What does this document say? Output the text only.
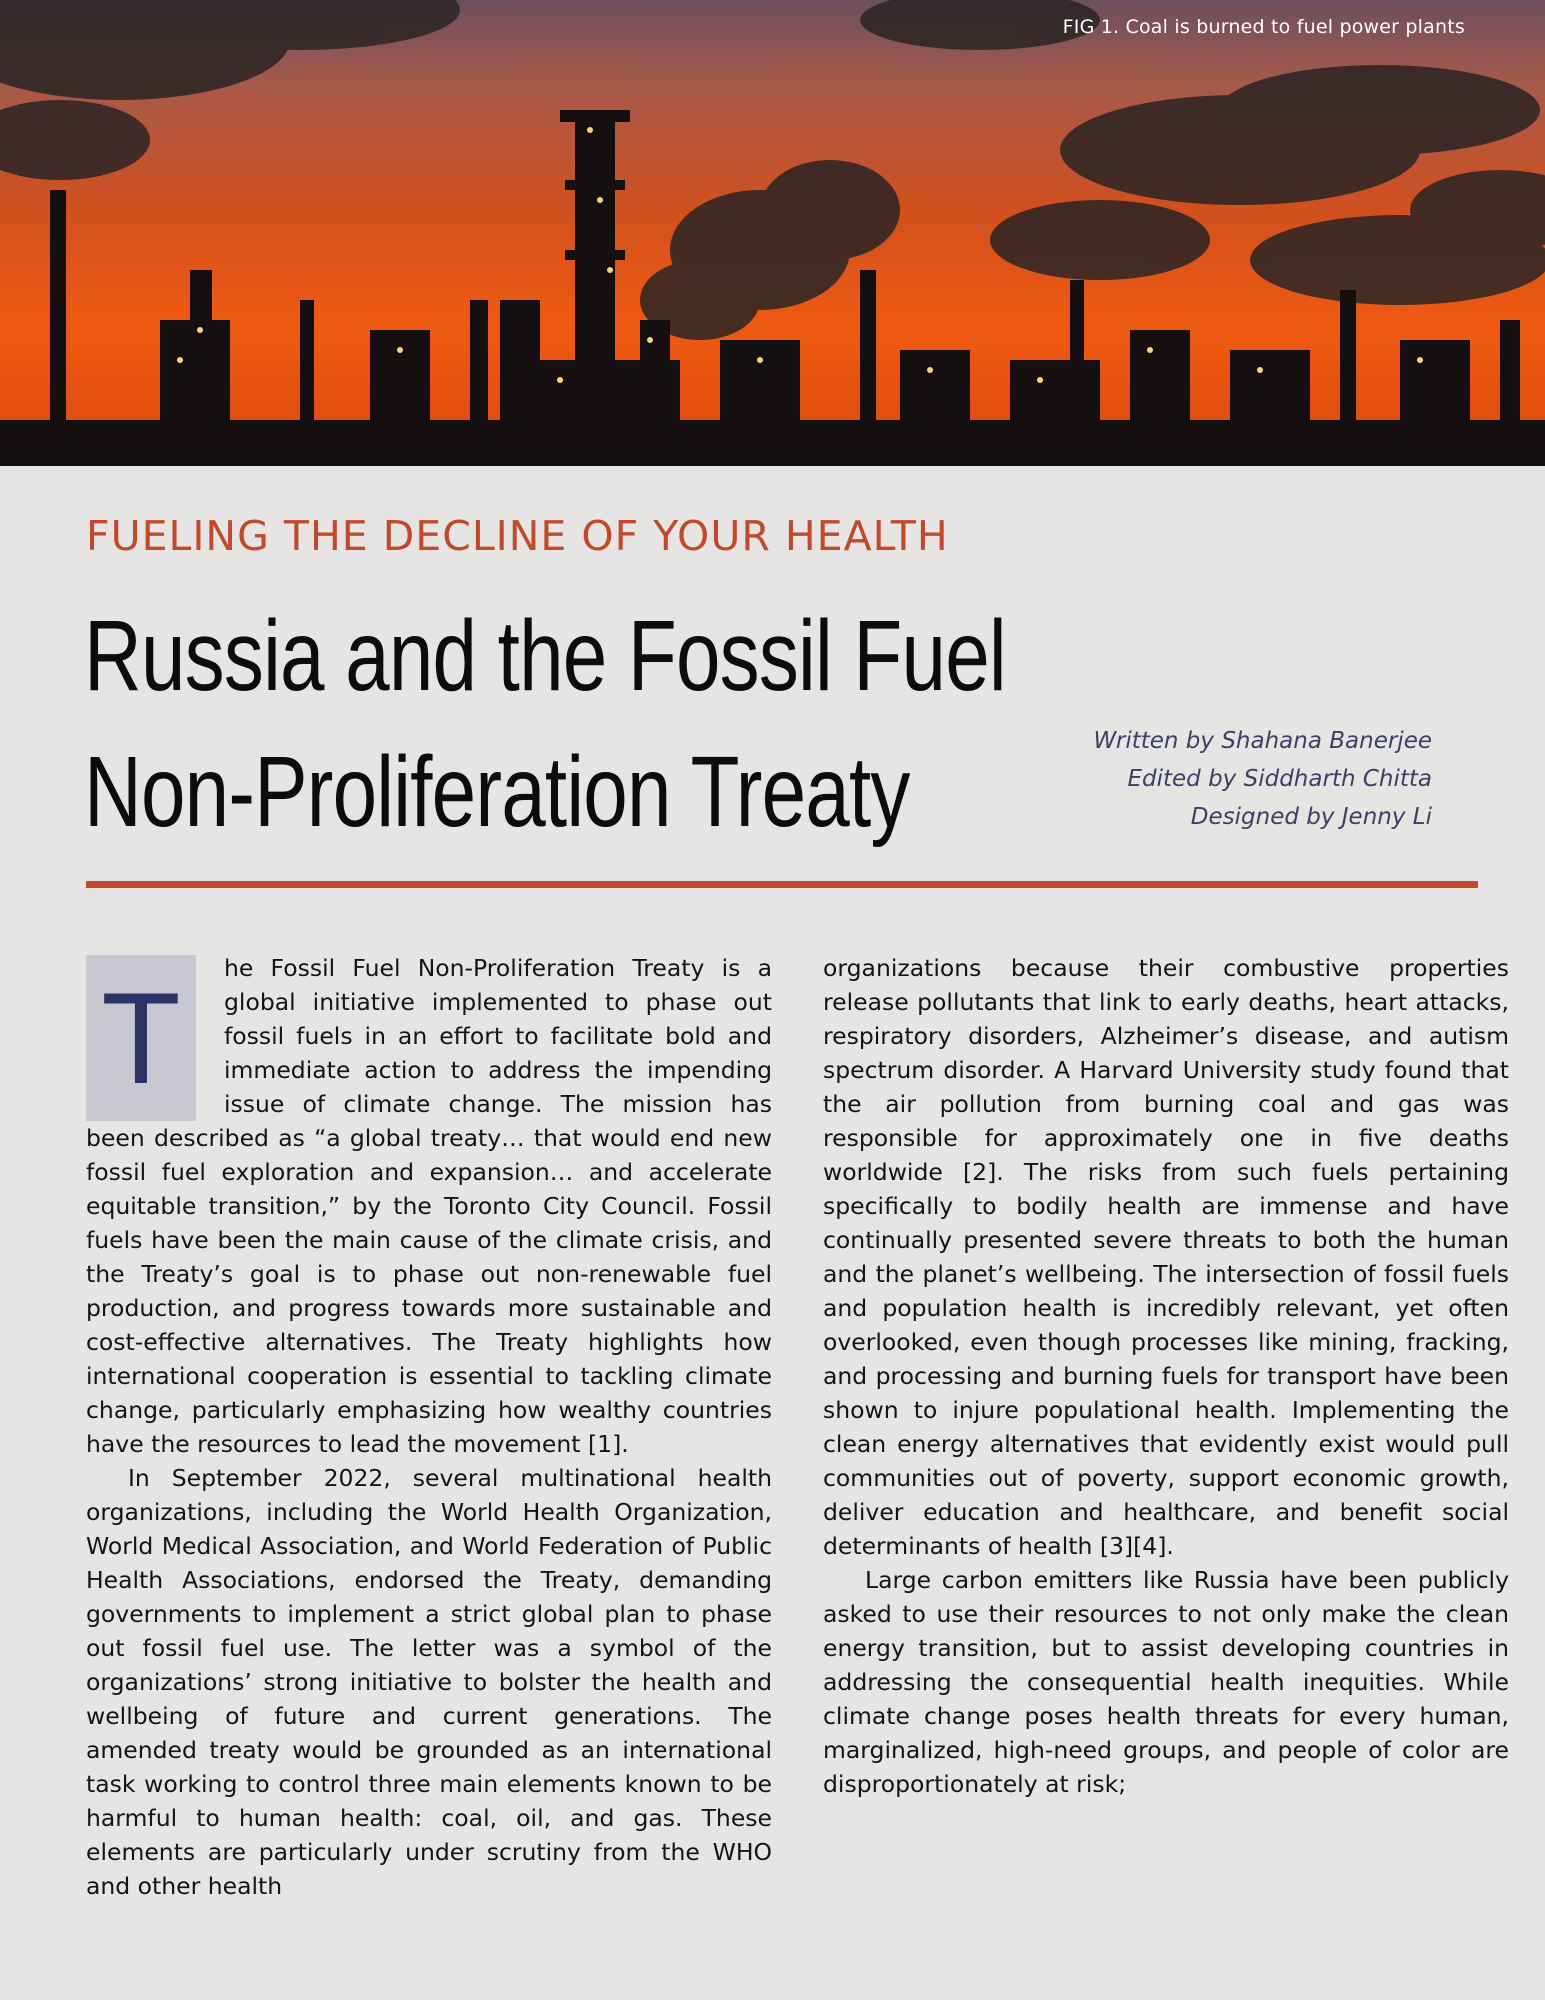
FIG 1. Coal is burned to fuel power plants
FUELING THE DECLINE OF YOUR HEALTH
Russia and the Fossil Fuel
Non-Proliferation Treaty	Written by Shahana Banerjee
Edited by Siddharth Chitta
Designed by Jenny Li

T	he Fossil Fuel Non-Proliferation Treaty is a global initiative implemented to phase out fossil fuels in an effort to facilitate bold and immediate action to address the impending issue of climate change. The mission has been described as “a global treaty… that would end new fossil fuel exploration and expansion… and accelerate equitable transition,” by the Toronto City Council. Fossil fuels have been the main cause of the climate crisis, and the Treaty’s goal is to phase out non-renewable fuel production, and progress towards more sustainable and cost-effective alternatives. The Treaty highlights how international cooperation is essential to tackling climate change, particularly emphasizing how wealthy countries have the resources to lead the movement [1].

In September 2022, several multinational health organizations, including the World Health Organization, World Medical Association, and World Federation of Public Health Associations, endorsed the Treaty, demanding governments to implement a strict global plan to phase out fossil fuel use. The letter was a symbol of the organizations’ strong initiative to bolster the health and wellbeing of future and current generations. The amended treaty would be grounded as an international task working to control three main elements known to be harmful to human health: coal, oil, and gas. These elements are particularly under scrutiny from the WHO and other health

organizations because their combustive properties release pollutants that link to early deaths, heart attacks, respiratory disorders, Alzheimer’s disease, and autism spectrum disorder. A Harvard University study found that the air pollution from burning coal and gas was responsible for approximately one in five deaths worldwide [2]. The risks from such fuels pertaining specifically to bodily health are immense and have continually presented severe threats to both the human and the planet’s wellbeing. The intersection of fossil fuels and population health is incredibly relevant, yet often overlooked, even though processes like mining, fracking, and processing and burning fuels for transport have been shown to injure populational health. Implementing the clean energy alternatives that evidently exist would pull communities out of poverty, support economic growth, deliver education and healthcare, and benefit social determinants of health [3][4].

Large carbon emitters like Russia have been publicly asked to use their resources to not only make the clean energy transition, but to assist developing countries in addressing the consequential health inequities. While climate change poses health threats for every human, marginalized, high-need groups, and people of color are disproportionately at risk;
